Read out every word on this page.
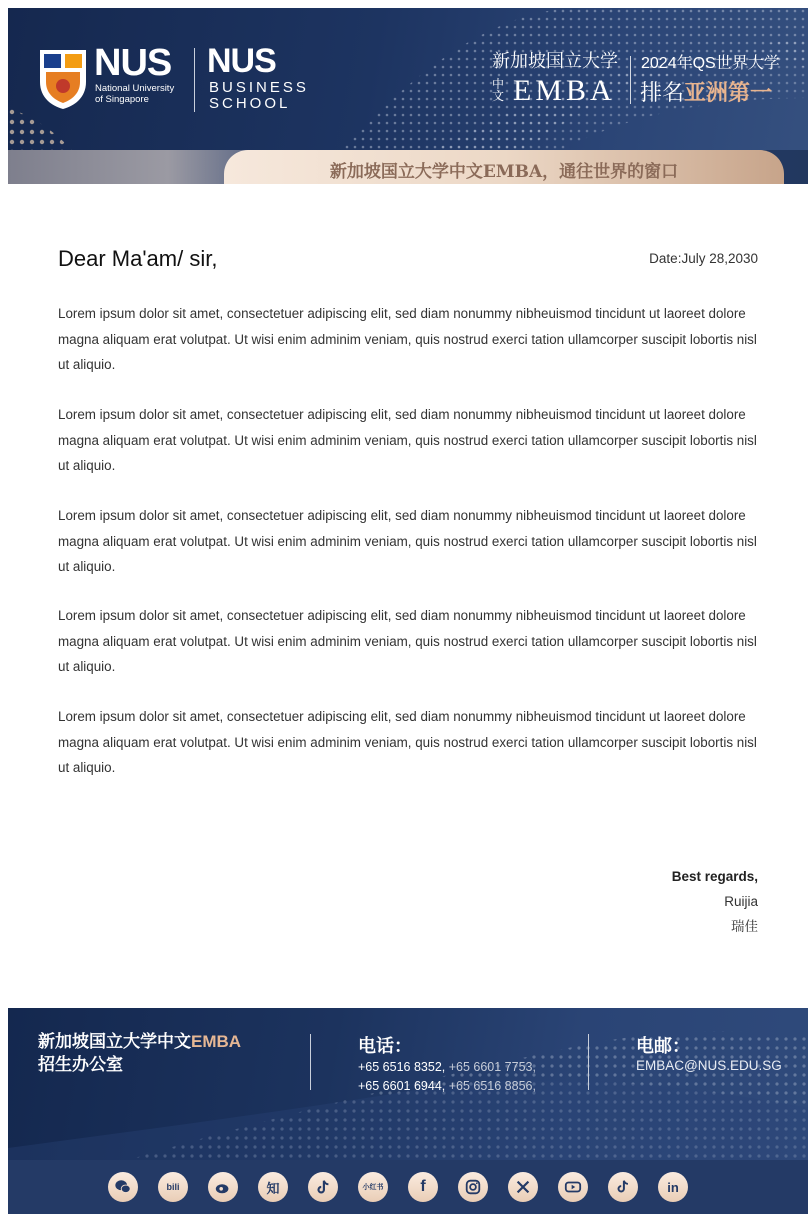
NUS
National University
of Singapore
NUS
BUSINESS
SCHOOL
新加坡国立大学
中文 EMBA
2024年QS世界大学
排名亚洲第一
新加坡国立大学中文EMBA，通往世界的窗口
Dear Ma'am/ sir,	Date:July 28,2030

Lorem ipsum dolor sit amet, consectetuer adipiscing elit, sed diam nonummy nibheuismod tincidunt ut laoreet dolore magna aliquam erat volutpat. Ut wisi enim adminim veniam, quis nostrud exerci tation ullamcorper suscipit lobortis nisl ut aliquio.

Lorem ipsum dolor sit amet, consectetuer adipiscing elit, sed diam nonummy nibheuismod tincidunt ut laoreet dolore magna aliquam erat volutpat. Ut wisi enim adminim veniam, quis nostrud exerci tation ullamcorper suscipit lobortis nisl ut aliquio.

Lorem ipsum dolor sit amet, consectetuer adipiscing elit, sed diam nonummy nibheuismod tincidunt ut laoreet dolore magna aliquam erat volutpat. Ut wisi enim adminim veniam, quis nostrud exerci tation ullamcorper suscipit lobortis nisl ut aliquio.

Lorem ipsum dolor sit amet, consectetuer adipiscing elit, sed diam nonummy nibheuismod tincidunt ut laoreet dolore magna aliquam erat volutpat. Ut wisi enim adminim veniam, quis nostrud exerci tation ullamcorper suscipit lobortis nisl ut aliquio.

Lorem ipsum dolor sit amet, consectetuer adipiscing elit, sed diam nonummy nibheuismod tincidunt ut laoreet dolore magna aliquam erat volutpat. Ut wisi enim adminim veniam, quis nostrud exerci tation ullamcorper suscipit lobortis nisl ut aliquio.

Best regards,
Ruijia
瑞佳
新加坡国立大学中文EMBA
招生办公室
电话：
+65 6516 8352, +65 6601 7753,
+65 6601 6944, +65 6516 8856,
电邮：
EMBAC@NUS.EDU.SG
bili	知	小红书	f	in
